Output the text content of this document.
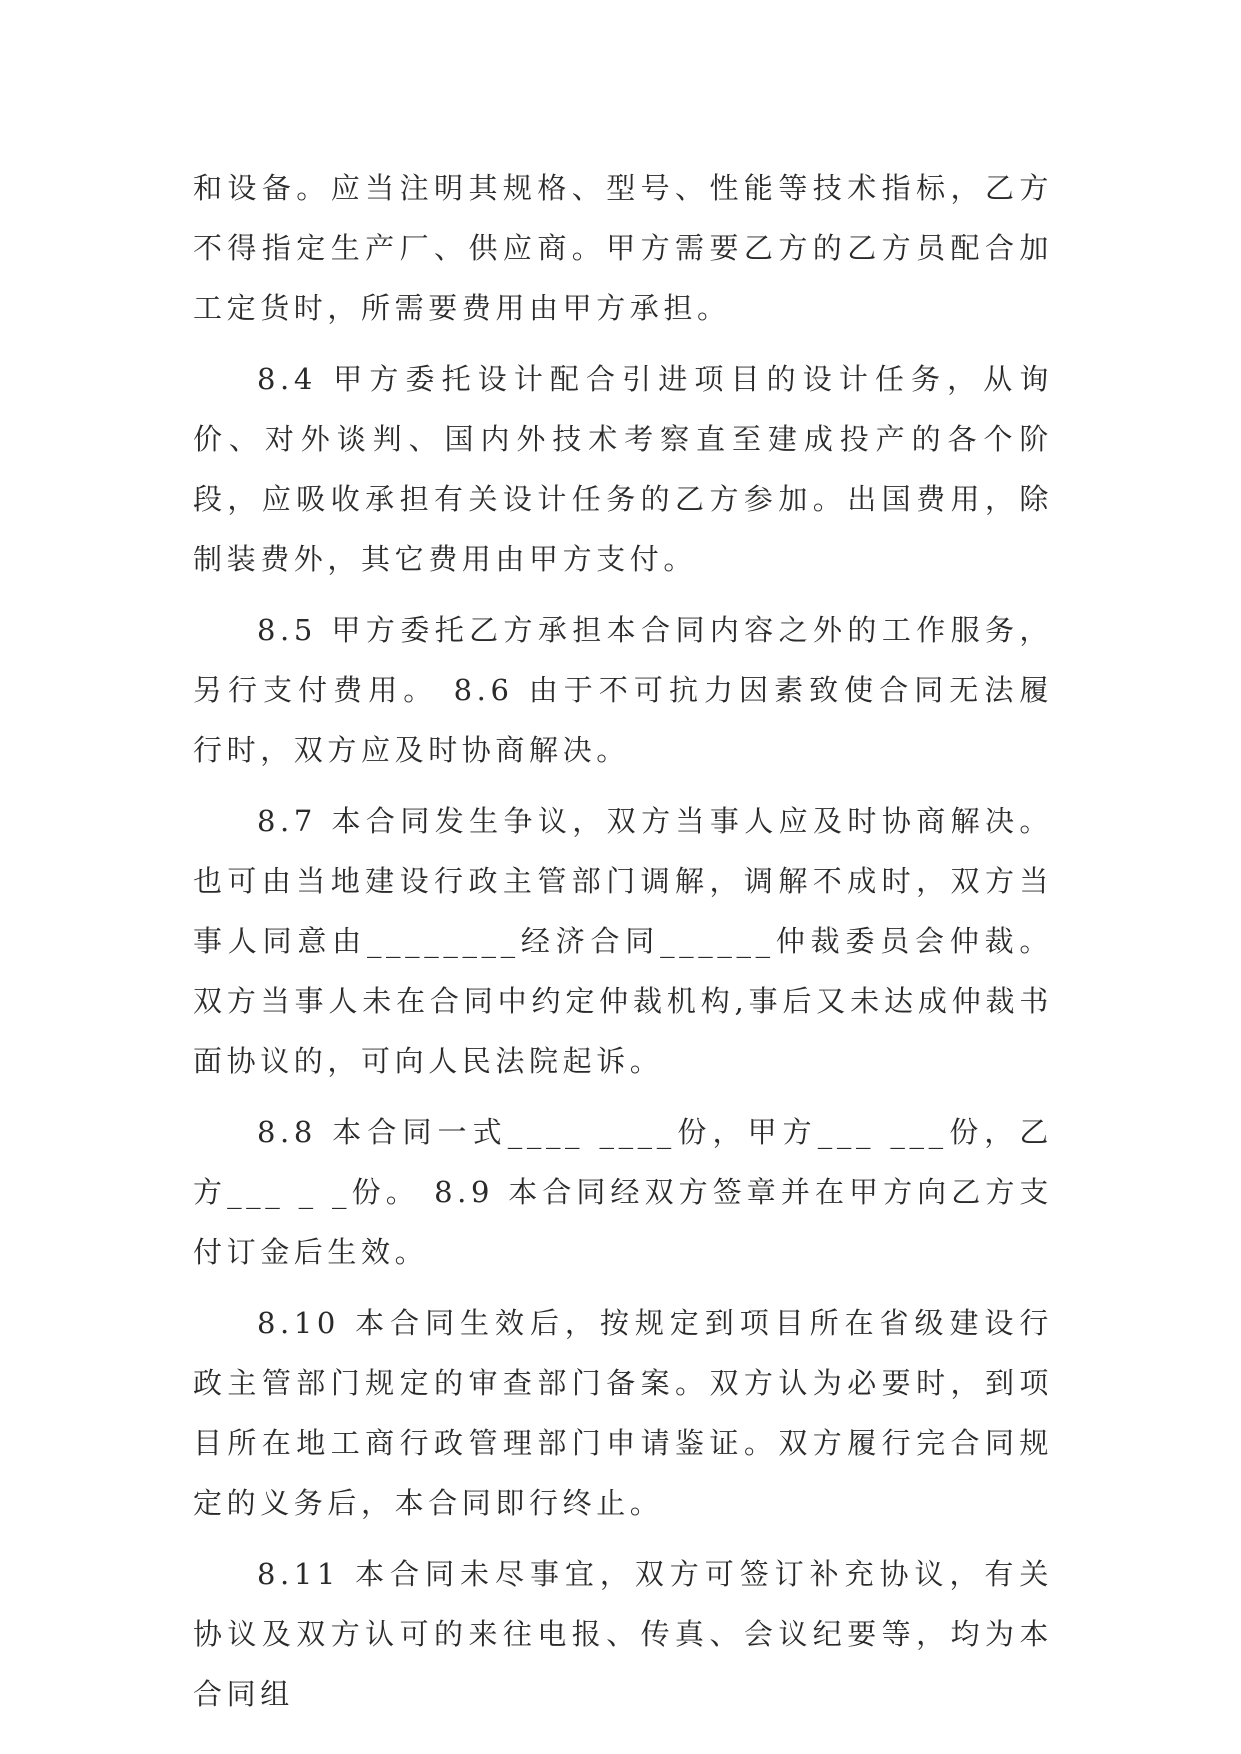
和设备。应当注明其规格、型号、性能等技术指标，乙方不得指定生产厂、供应商。甲方需要乙方的乙方员配合加工定货时，所需要费用由甲方承担。

8.4 甲方委托设计配合引进项目的设计任务，从询价、对外谈判、国内外技术考察直至建成投产的各个阶段，应吸收承担有关设计任务的乙方参加。出国费用，除制装费外，其它费用由甲方支付。

8.5 甲方委托乙方承担本合同内容之外的工作服务，另行支付费用。 8.6 由于不可抗力因素致使合同无法履行时，双方应及时协商解决。

8.7 本合同发生争议，双方当事人应及时协商解决。也可由当地建设行政主管部门调解，调解不成时，双方当事人同意由________经济合同______仲裁委员会仲裁。双方当事人未在合同中约定仲裁机构,事后又未达成仲裁书面协议的，可向人民法院起诉。

8.8 本合同一式____ ____份，甲方___ ___份，乙方___ _ _份。 8.9 本合同经双方签章并在甲方向乙方支付订金后生效。

8.10 本合同生效后，按规定到项目所在省级建设行政主管部门规定的审查部门备案。双方认为必要时，到项目所在地工商行政管理部门申请鉴证。双方履行完合同规定的义务后，本合同即行终止。

8.11 本合同未尽事宜，双方可签订补充协议，有关协议及双方认可的来往电报、传真、会议纪要等，均为本合同组
